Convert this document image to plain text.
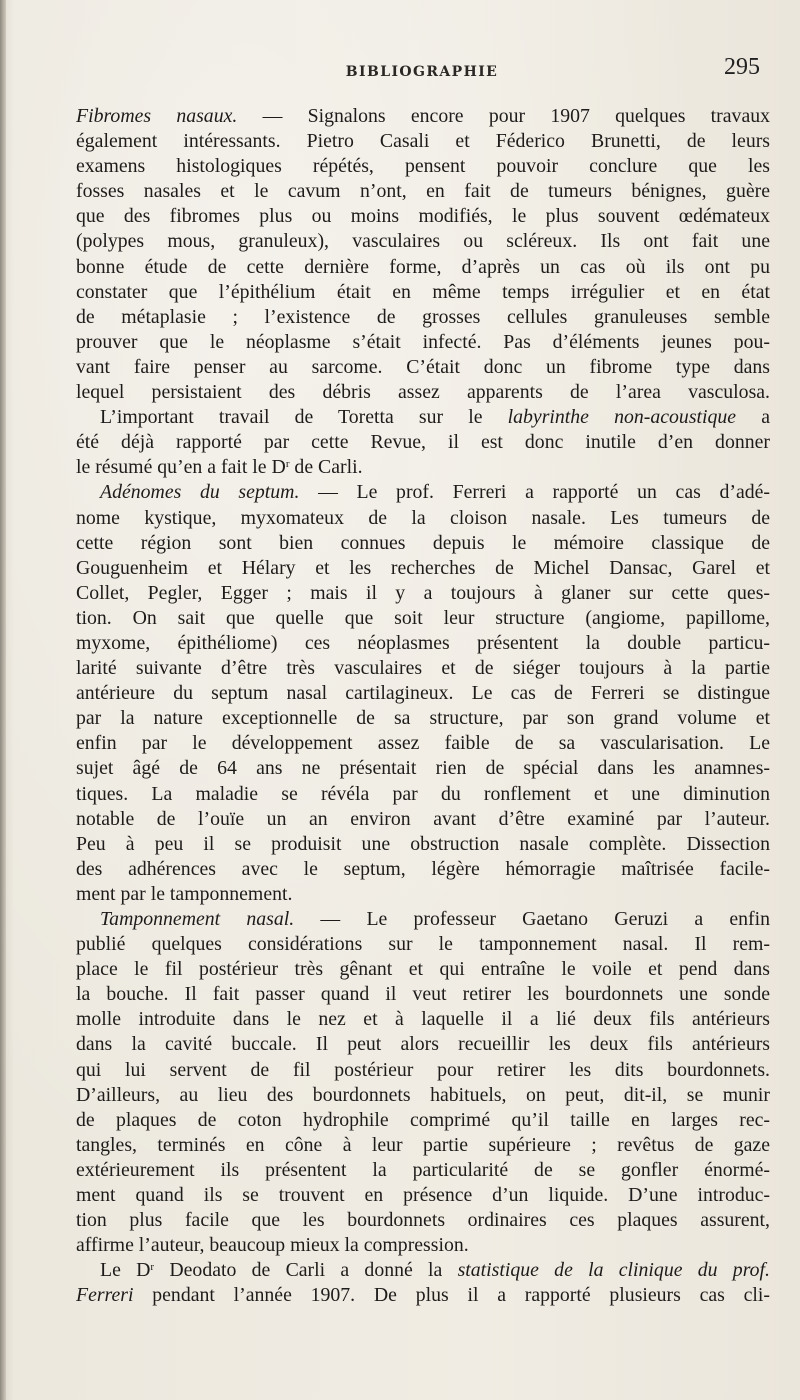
BIBLIOGRAPHIE	295
Fibromes nasaux. — Signalons encore pour 1907 quelques travaux
également intéressants. Pietro Casali et Féderico Brunetti, de leurs
examens histologiques répétés, pensent pouvoir conclure que les
fosses nasales et le cavum n’ont, en fait de tumeurs bénignes, guère
que des fibromes plus ou moins modifiés, le plus souvent œdémateux
(polypes mous, granuleux), vasculaires ou scléreux. Ils ont fait une
bonne étude de cette dernière forme, d’après un cas où ils ont pu
constater que l’épithélium était en même temps irrégulier et en état
de métaplasie ; l’existence de grosses cellules granuleuses semble
prouver que le néoplasme s’était infecté. Pas d’éléments jeunes pou-
vant faire penser au sarcome. C’était donc un fibrome type dans
lequel persistaient des débris assez apparents de l’area vasculosa.
L’important travail de Toretta sur le labyrinthe non-acoustique a
été déjà rapporté par cette Revue, il est donc inutile d’en donner
le résumé qu’en a fait le $D^r$ de Carli.
Adénomes du septum. — Le prof. Ferreri a rapporté un cas d’adé-
nome kystique, myxomateux de la cloison nasale. Les tumeurs de
cette région sont bien connues depuis le mémoire classique de
Gouguenheim et Hélary et les recherches de Michel Dansac, Garel et
Collet, Pegler, Egger ; mais il y a toujours à glaner sur cette ques-
tion. On sait que quelle que soit leur structure (angiome, papillome,
myxome, épithéliome) ces néoplasmes présentent la double particu-
larité suivante d’être très vasculaires et de siéger toujours à la partie
antérieure du septum nasal cartilagineux. Le cas de Ferreri se distingue
par la nature exceptionnelle de sa structure, par son grand volume et
enfin par le développement assez faible de sa vascularisation. Le
sujet âgé de 64 ans ne présentait rien de spécial dans les anamnes-
tiques. La maladie se révéla par du ronflement et une diminution
notable de l’ouïe un an environ avant d’être examiné par l’auteur.
Peu à peu il se produisit une obstruction nasale complète. Dissection
des adhérences avec le septum, légère hémorragie maîtrisée facile-
ment par le tamponnement.
Tamponnement nasal. — Le professeur Gaetano Geruzi a enfin
publié quelques considérations sur le tamponnement nasal. Il rem-
place le fil postérieur très gênant et qui entraîne le voile et pend dans
la bouche. Il fait passer quand il veut retirer les bourdonnets une sonde
molle introduite dans le nez et à laquelle il a lié deux fils antérieurs
dans la cavité buccale. Il peut alors recueillir les deux fils antérieurs
qui lui servent de fil postérieur pour retirer les dits bourdonnets.
D’ailleurs, au lieu des bourdonnets habituels, on peut, dit-il, se munir
de plaques de coton hydrophile comprimé qu’il taille en larges rec-
tangles, terminés en cône à leur partie supérieure ; revêtus de gaze
extérieurement ils présentent la particularité de se gonfler énormé-
ment quand ils se trouvent en présence d’un liquide. D’une introduc-
tion plus facile que les bourdonnets ordinaires ces plaques assurent,
affirme l’auteur, beaucoup mieux la compression.
Le $D^r$ Deodato de Carli a donné la statistique de la clinique du prof.
Ferreri pendant l’année 1907. De plus il a rapporté plusieurs cas cli-
